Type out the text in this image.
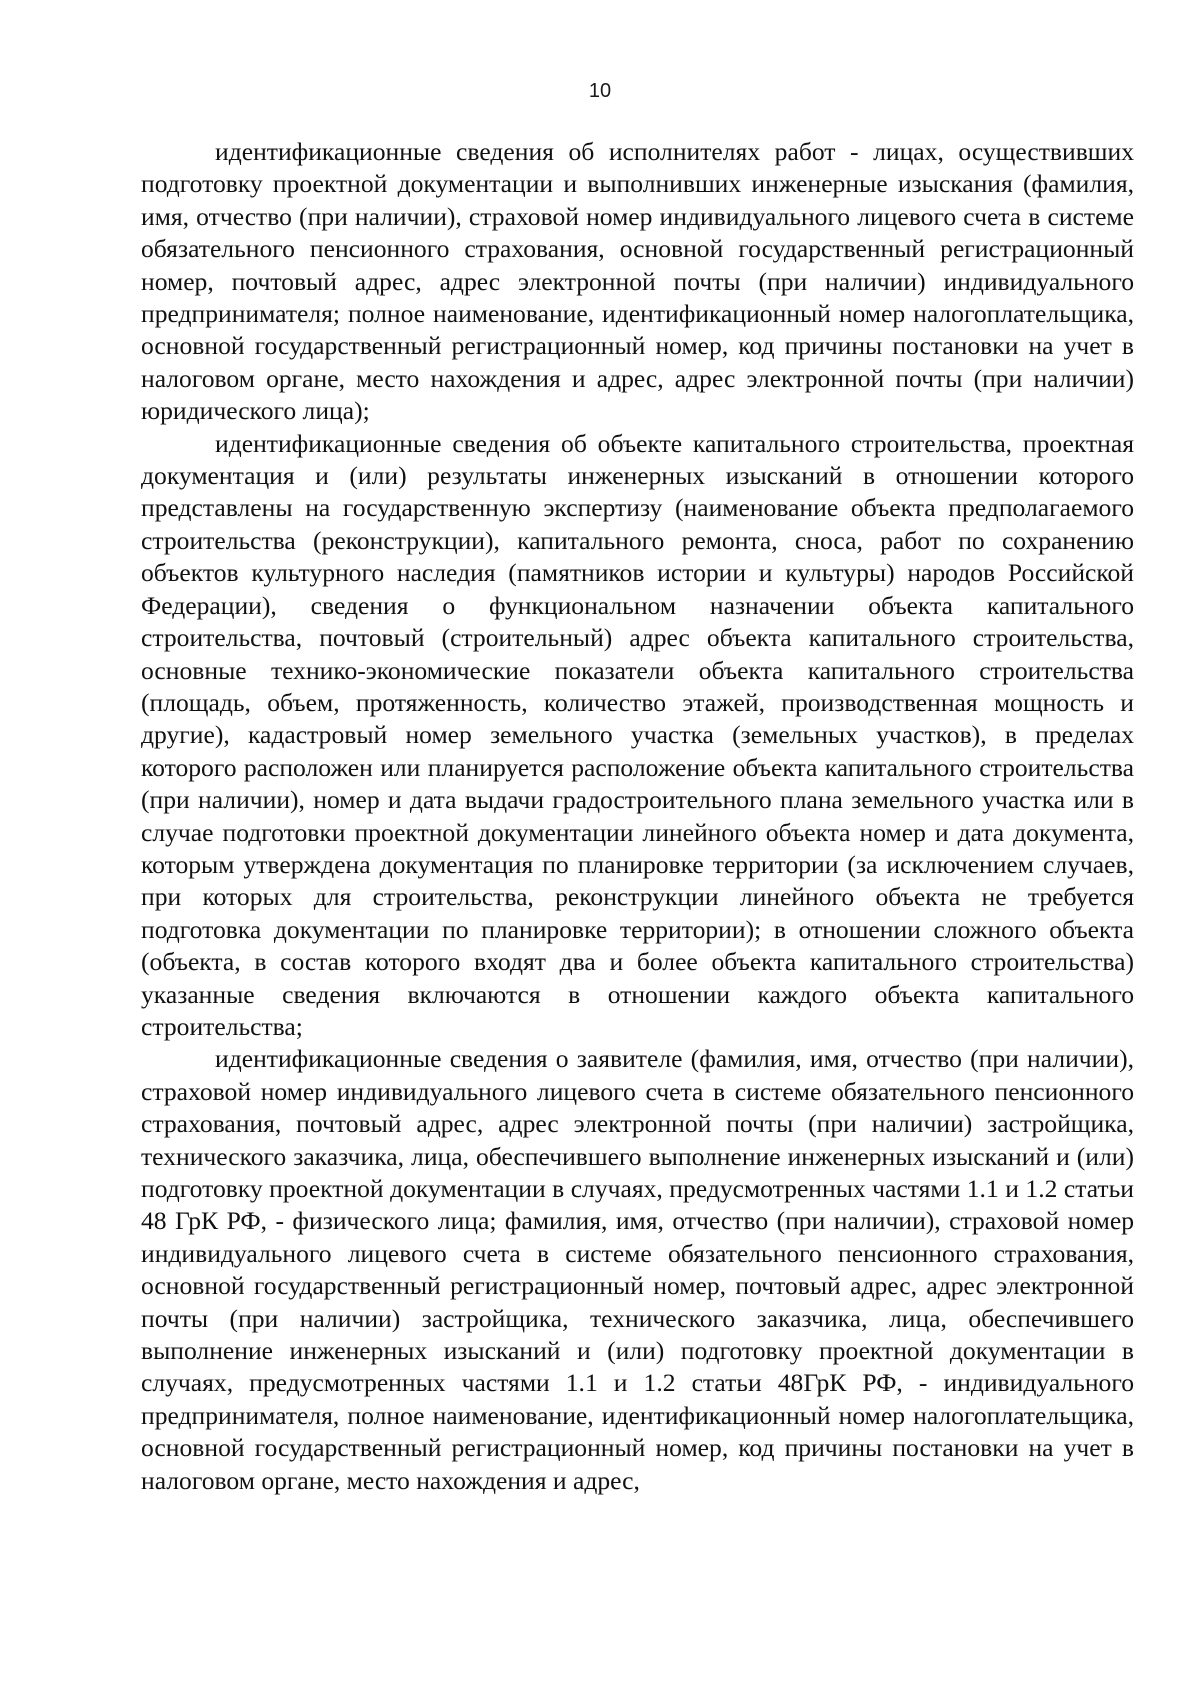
10

идентификационные сведения об исполнителях работ - лицах, осуществивших подготовку проектной документации и выполнивших инженерные изыскания (фамилия, имя, отчество (при наличии), страховой номер индивидуального лицевого счета в системе обязательного пенсионного страхования, основной государственный регистрационный номер, почтовый адрес, адрес электронной почты (при наличии) индивидуального предпринимателя; полное наименование, идентификационный номер налогоплательщика, основной государственный регистрационный номер, код причины постановки на учет в налоговом органе, место нахождения и адрес, адрес электронной почты (при наличии) юридического лица);

идентификационные сведения об объекте капитального строительства, проектная документация и (или) результаты инженерных изысканий в отношении которого представлены на государственную экспертизу (наименование объекта предполагаемого строительства (реконструкции), капитального ремонта, сноса, работ по сохранению объектов культурного наследия (памятников истории и культуры) народов Российской Федерации), сведения о функциональном назначении объекта капитального строительства, почтовый (строительный) адрес объекта капитального строительства, основные технико-экономические показатели объекта капитального строительства (площадь, объем, протяженность, количество этажей, производственная мощность и другие), кадастровый номер земельного участка (земельных участков), в пределах которого расположен или планируется расположение объекта капитального строительства (при наличии), номер и дата выдачи градостроительного плана земельного участка или в случае подготовки проектной документации линейного объекта номер и дата документа, которым утверждена документация по планировке территории (за исключением случаев, при которых для строительства, реконструкции линейного объекта не требуется подготовка документации по планировке территории); в отношении сложного объекта (объекта, в состав которого входят два и более объекта капитального строительства) указанные сведения включаются в отношении каждого объекта капитального строительства;

идентификационные сведения о заявителе (фамилия, имя, отчество (при наличии), страховой номер индивидуального лицевого счета в системе обязательного пенсионного страхования, почтовый адрес, адрес электронной почты (при наличии) застройщика, технического заказчика, лица, обеспечившего выполнение инженерных изысканий и (или) подготовку проектной документации в случаях, предусмотренных частями 1.1 и 1.2 статьи 48 ГрК РФ, - физического лица; фамилия, имя, отчество (при наличии), страховой номер индивидуального лицевого счета в системе обязательного пенсионного страхования, основной государственный регистрационный номер, почтовый адрес, адрес электронной почты (при наличии) застройщика, технического заказчика, лица, обеспечившего выполнение инженерных изысканий и (или) подготовку проектной документации в случаях, предусмотренных частями 1.1 и 1.2 статьи 48ГрК РФ, - индивидуального предпринимателя, полное наименование, идентификационный номер налогоплательщика, основной государственный регистрационный номер, код причины постановки на учет в налоговом органе, место нахождения и адрес,
